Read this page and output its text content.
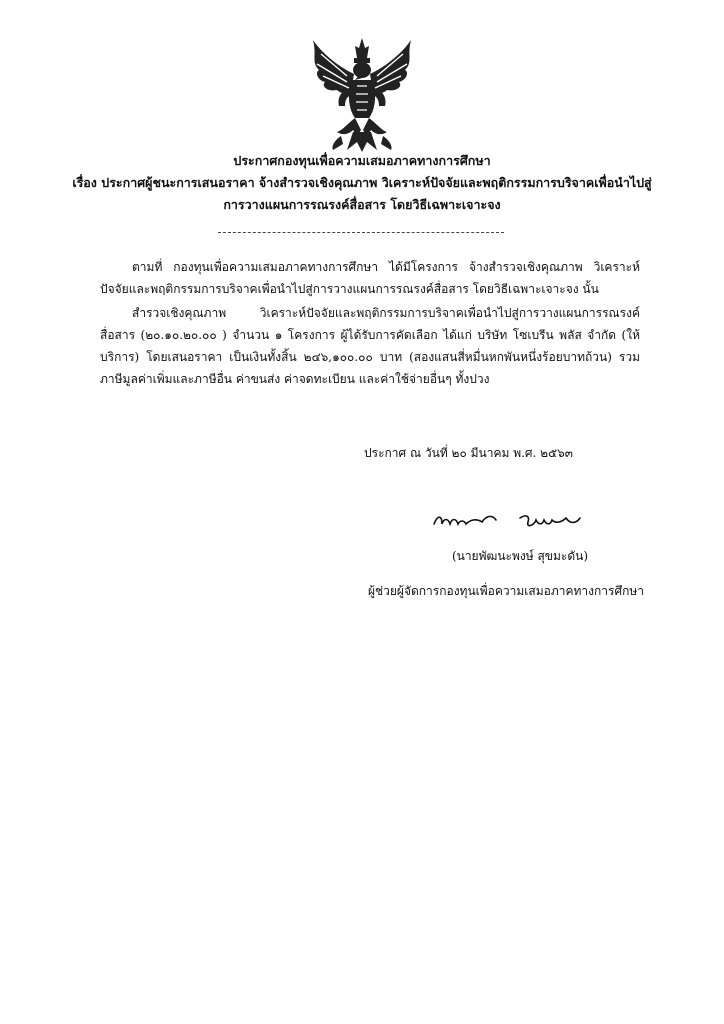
ประกาศกองทุนเพื่อความเสมอภาคทางการศึกษา
เรื่อง ประกาศผู้ชนะการเสนอราคา จ้างสำรวจเชิงคุณภาพ วิเคราะห์ปัจจัยและพฤติกรรมการบริจาคเพื่อนำไปสู่
การวางแผนการรณรงค์สื่อสาร โดยวิธีเฉพาะเจาะจง
ตามที่ กองทุนเพื่อความเสมอภาคทางการศึกษา ได้มีโครงการ จ้างสำรวจเชิงคุณภาพ วิเคราะห์ปัจจัยและพฤติกรรมการบริจาคเพื่อนำไปสู่การวางแผนการรณรงค์สื่อสาร โดยวิธีเฉพาะเจาะจง นั้น
สำรวจเชิงคุณภาพ วิเคราะห์ปัจจัยและพฤติกรรมการบริจาคเพื่อนำไปสู่การวางแผนการรณรงค์สื่อสาร (๒๐.๑๐.๒๐.๐๐ ) จำนวน ๑ โครงการ ผู้ได้รับการคัดเลือก ได้แก่ บริษัท โซเบรีน พลัส จำกัด (ให้บริการ) โดยเสนอราคา เป็นเงินทั้งสิ้น ๒๔๖,๑๐๐.๐๐ บาท (สองแสนสี่หมื่นหกพันหนึ่งร้อยบาทถ้วน) รวมภาษีมูลค่าเพิ่มและภาษีอื่น ค่าขนส่ง ค่าจดทะเบียน และค่าใช้จ่ายอื่นๆ ทั้งปวง
ประกาศ ณ วันที่ ๒๐ มีนาคม พ.ศ. ๒๕๖๓
(นายพัฒนะพงษ์ สุขมะดัน)
ผู้ช่วยผู้จัดการกองทุนเพื่อความเสมอภาคทางการศึกษา
